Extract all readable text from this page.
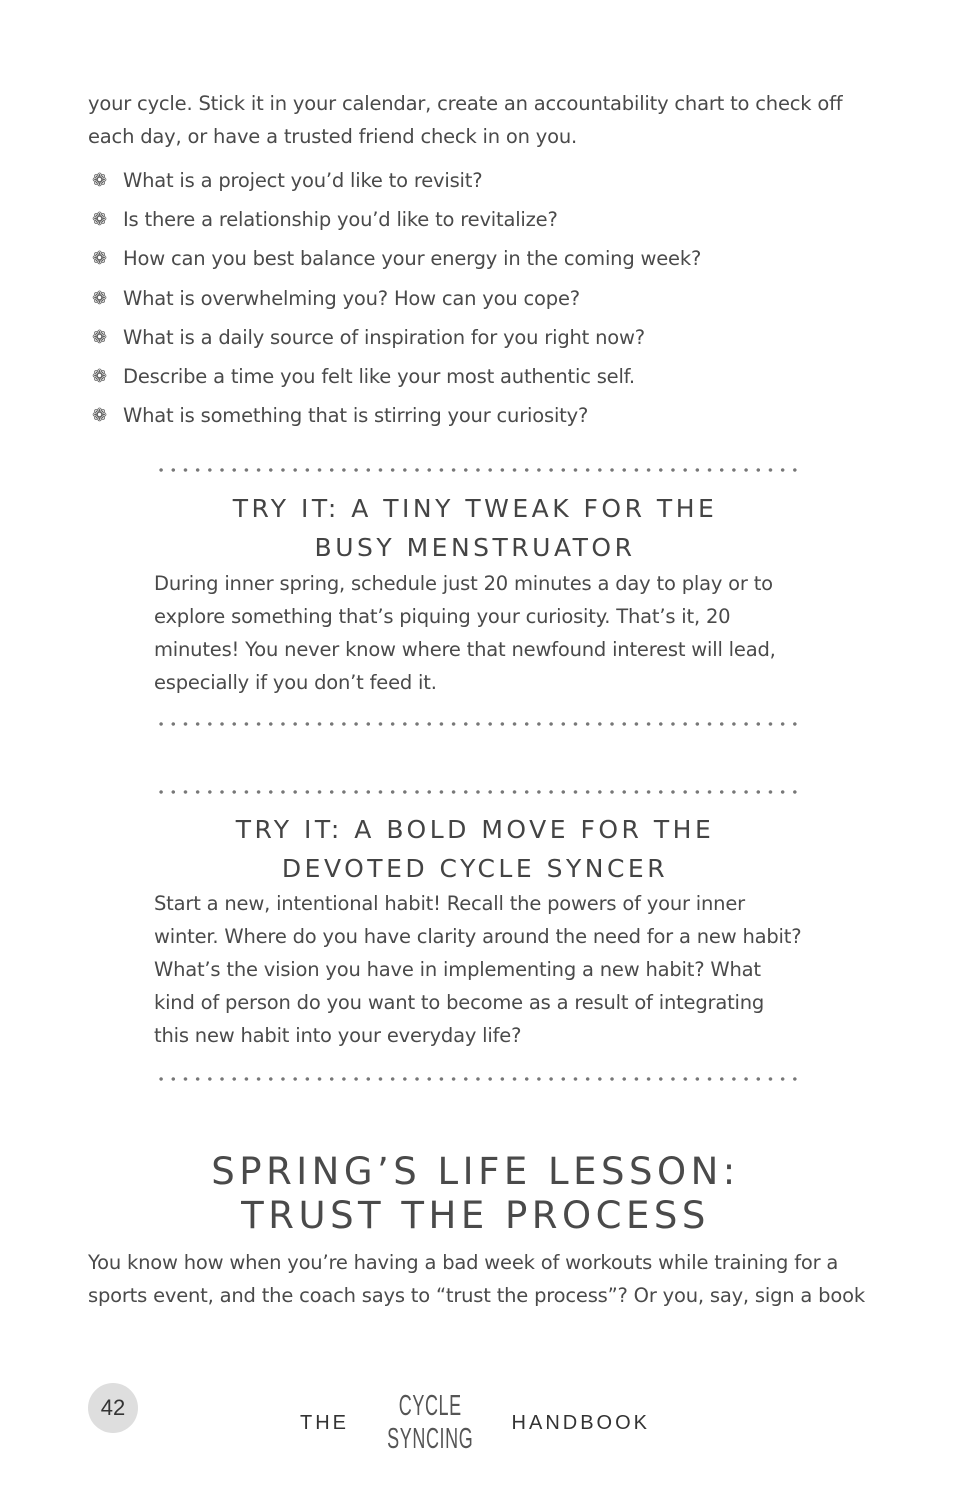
your cycle. Stick it in your calendar, create an accountability chart to check off each day, or have a trusted friend check in on you.
❁ What is a project you’d like to revisit?
❁ Is there a relationship you’d like to revitalize?
❁ How can you best balance your energy in the coming week?
❁ What is overwhelming you? How can you cope?
❁ What is a daily source of inspiration for you right now?
❁ Describe a time you felt like your most authentic self.
❁ What is something that is stirring your curiosity?
TRY IT: A TINY TWEAK FOR THE
BUSY MENSTRUATOR
During inner spring, schedule just 20 minutes a day to play or to explore something that’s piquing your curiosity. That’s it, 20 minutes! You never know where that newfound interest will lead, especially if you don’t feed it.
TRY IT: A BOLD MOVE FOR THE
DEVOTED CYCLE SYNCER
Start a new, intentional habit! Recall the powers of your inner winter. Where do you have clarity around the need for a new habit? What’s the vision you have in implementing a new habit? What kind of person do you want to become as a result of integrating this new habit into your everyday life?
SPRING’S LIFE LESSON:
TRUST THE PROCESS
You know how when you’re having a bad week of workouts while training for a sports event, and the coach says to “trust the process”? Or you, say, sign a book
42
THE
CYCLE SYNCING
HANDBOOK
